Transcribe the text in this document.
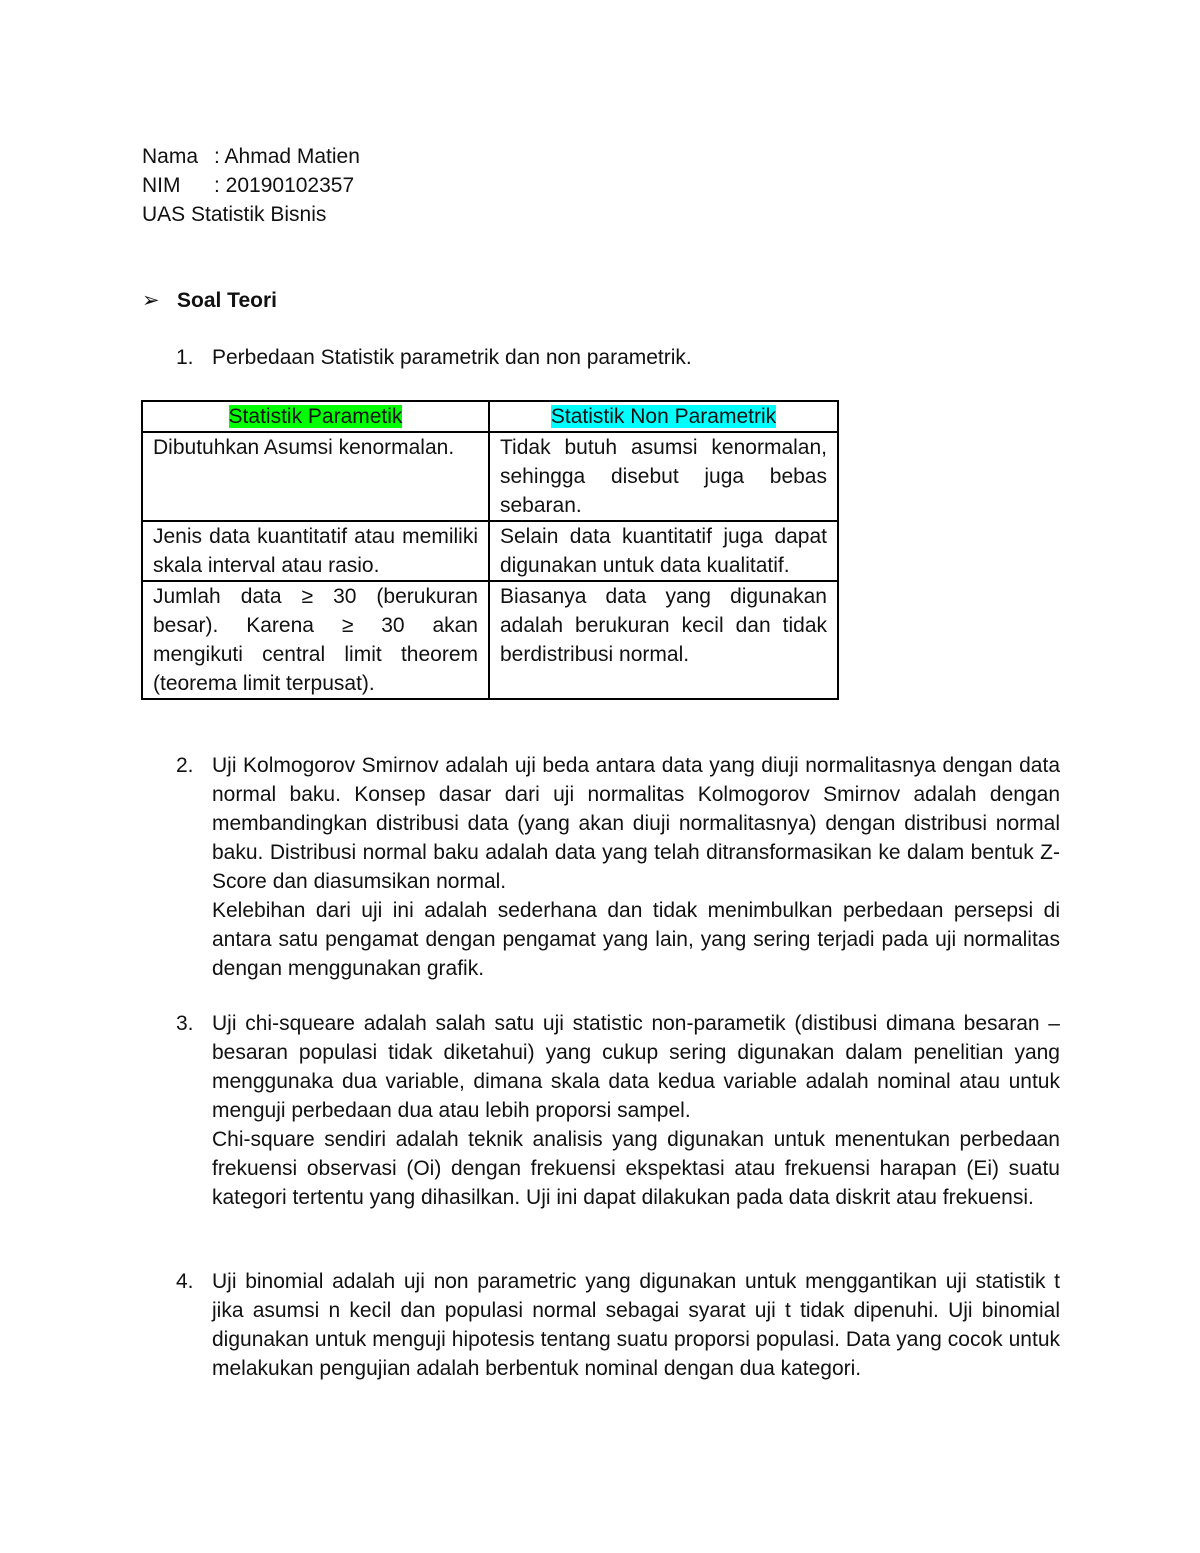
Nama : Ahmad Matien
NIM : 20190102357
UAS Statistik Bisnis
➢ Soal Teori
1. Perbedaan Statistik parametrik dan non parametrik.

Statistik Parametik	Statistik Non Parametrik
Dibutuhkan Asumsi kenormalan.	Tidak butuh asumsi kenormalan, sehingga disebut juga bebas sebaran.
Jenis data kuantitatif atau memiliki skala interval atau rasio.	Selain data kuantitatif juga dapat digunakan untuk data kualitatif.
Jumlah data ≥ 30 (berukuran besar). Karena ≥ 30 akan mengikuti central limit theorem (teorema limit terpusat).	Biasanya data yang digunakan adalah berukuran kecil dan tidak berdistribusi normal.
2. Uji Kolmogorov Smirnov adalah uji beda antara data yang diuji normalitasnya dengan data normal baku. Konsep dasar dari uji normalitas Kolmogorov Smirnov adalah dengan membandingkan distribusi data (yang akan diuji normalitasnya) dengan distribusi normal baku. Distribusi normal baku adalah data yang telah ditransformasikan ke dalam bentuk Z-Score dan diasumsikan normal.

Kelebihan dari uji ini adalah sederhana dan tidak menimbulkan perbedaan persepsi di antara satu pengamat dengan pengamat yang lain, yang sering terjadi pada uji normalitas dengan menggunakan grafik.

3. Uji chi-squeare adalah salah satu uji statistic non-parametik (distibusi dimana besaran – besaran populasi tidak diketahui) yang cukup sering digunakan dalam penelitian yang menggunaka dua variable, dimana skala data kedua variable adalah nominal atau untuk menguji perbedaan dua atau lebih proporsi sampel.

Chi-square sendiri adalah teknik analisis yang digunakan untuk menentukan perbedaan frekuensi observasi (Oi) dengan frekuensi ekspektasi atau frekuensi harapan (Ei) suatu kategori tertentu yang dihasilkan. Uji ini dapat dilakukan pada data diskrit atau frekuensi.

4. Uji binomial adalah uji non parametric yang digunakan untuk menggantikan uji statistik t jika asumsi n kecil dan populasi normal sebagai syarat uji t tidak dipenuhi. Uji binomial digunakan untuk menguji hipotesis tentang suatu proporsi populasi. Data yang cocok untuk melakukan pengujian adalah berbentuk nominal dengan dua kategori.
